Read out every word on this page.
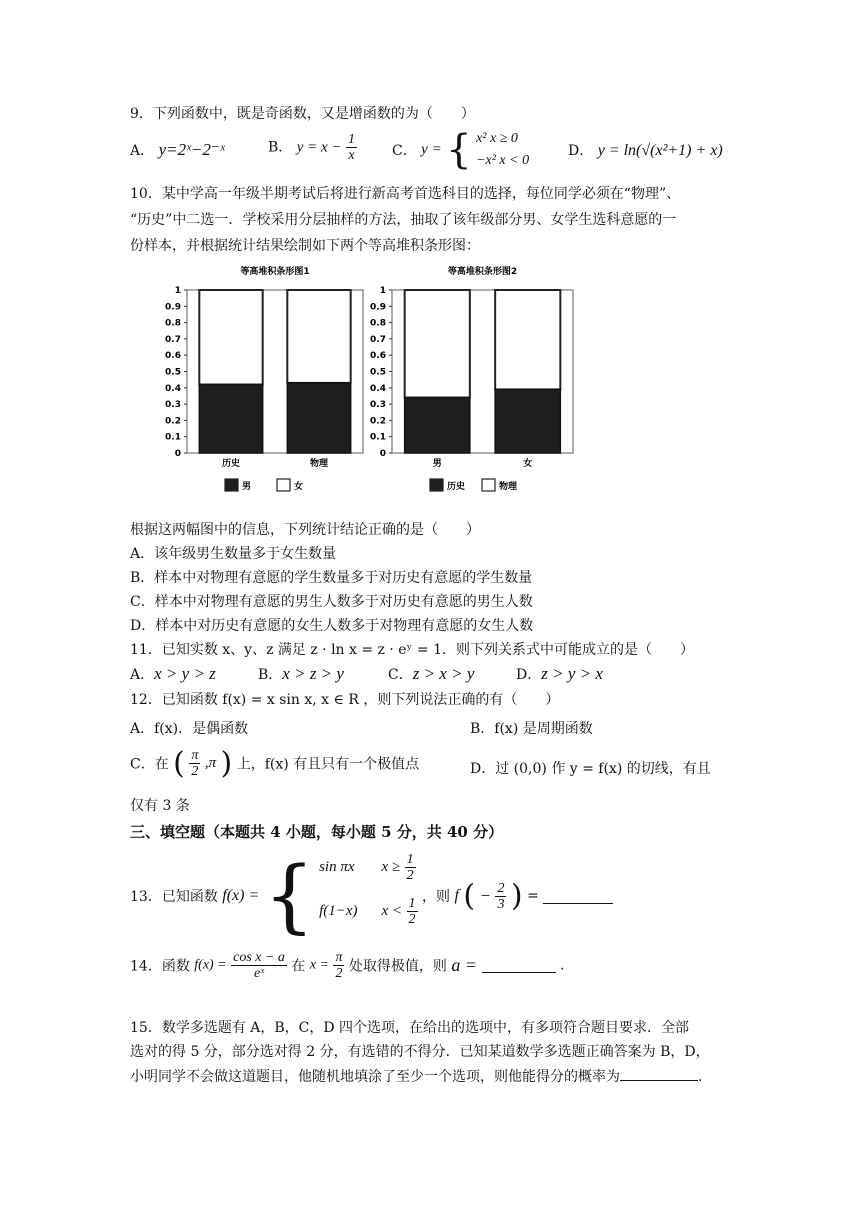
9．下列函数中，既是奇函数，又是增函数的为（　　）
A． y=2ˣ−2⁻ˣ	B． $y = x - \frac{1}{x}$ C． y = { x² x ≥ 0
−x² x < 0
D． y = ln(√(x²+1) + x)
10．某中学高一年级半期考试后将进行新高考首选科目的选择，每位同学必须在“物理”、
“历史”中二选一．学校采用分层抽样的方法，抽取了该年级部分男、女学生选科意愿的一
份样本，并根据统计结果绘制如下两个等高堆积条形图：
等高堆积条形图1
0
0.1
0.2
0.3
0.4
0.5
0.6
0.7
0.8
0.9
1
历史	物理
男	女
等高堆积条形图2
0
0.1
0.2
0.3
0.4
0.5
0.6
0.7
0.8
0.9
1
男	女
历史	物理
根据这两幅图中的信息，下列统计结论正确的是（　　）
A．该年级男生数量多于女生数量
B．样本中对物理有意愿的学生数量多于对历史有意愿的学生数量
C．样本中对物理有意愿的男生人数多于对历史有意愿的男生人数
D．样本中对历史有意愿的女生人数多于对物理有意愿的女生人数
11．已知实数 x、y、z 满足 z · ln x = z · eʸ = 1．则下列关系式中可能成立的是（　　）
A．x > y > z	B．x > z > y	C．z > x > y	D．z > y > x
12．已知函数 f(x) = x sin x, x ∈ R ，则下列说法正确的有（　　）
A．f(x)．是偶函数	B．f(x) 是周期函数
C．在 ( $\frac{\pi}{2} ,\pi$ ) 上，f(x) 有且只有一个极值点	D．过 (0,0) 作 y = f(x) 的切线，有且
仅有 3 条
三、填空题（本题共 4 小题，每小题 5 分，共 40 分）
13．已知函数 f(x) = { sin πx $x \ge \frac{1}{2}$
f(1−x) $x < \frac{1}{2}$ ，则 f ( − $\frac{2}{3}$ ) =
14．函数 $f(x) = \frac{\text{cos x − a}}{\text{eˣ}}$ 在 $x = \frac{\pi}{2}$ 处取得极值，则 a =	.
15．数学多选题有 A，B，C，D 四个选项，在给出的选项中，有多项符合题目要求．全部
选对的得 5 分，部分选对得 2 分，有选错的不得分．已知某道数学多选题正确答案为 B，D，
小明同学不会做这道题目，他随机地填涂了至少一个选项，则他能得分的概率为	.
